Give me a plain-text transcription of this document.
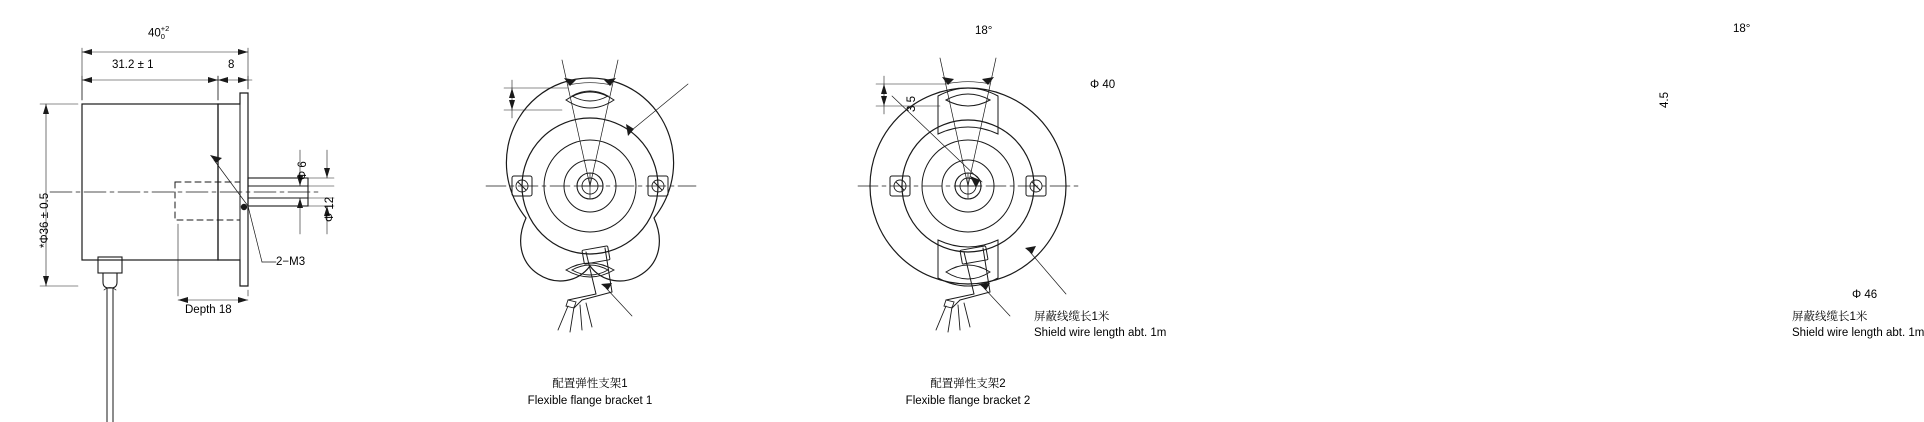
40 +2
0
31.2 ± 1	8
*Φ36 ± 0.5
Φ 6
Φ 12
2−M3
Depth 18
18°
3.5
Φ 40
屏蔽线缆长1米
Shield wire length abt. 1m
18°
4.5
Φ 46
屏蔽线缆长1米
Shield wire length abt. 1m
配置弹性支架1
Flexible flange bracket 1
配置弹性支架2
Flexible flange bracket 2
